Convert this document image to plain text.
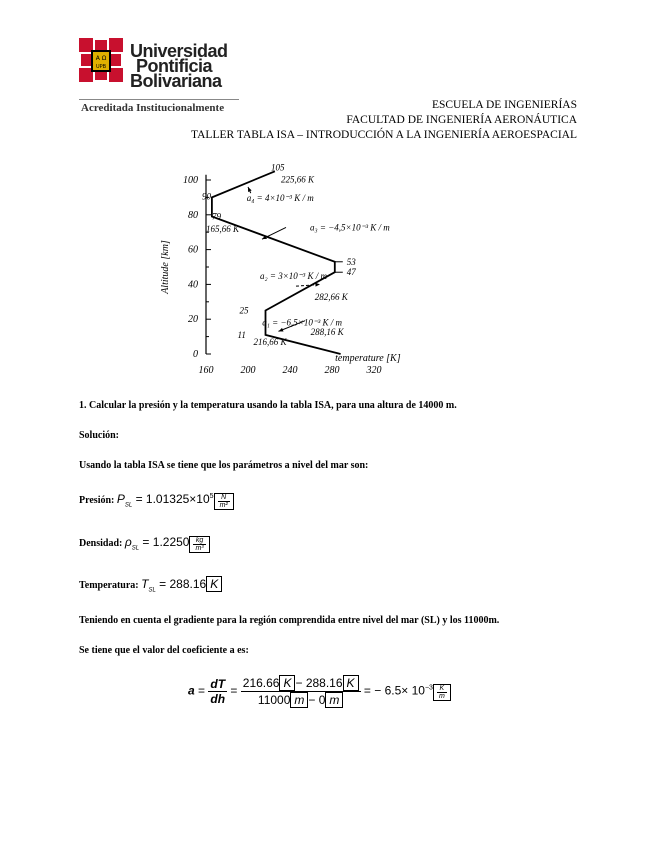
A Ω
UPB
Universidad
Pontificia
Bolivariana
Acreditada Institucionalmente	ESCUELA DE INGENIERÍAS
FACULTAD DE INGENIERÍA AERONÁUTICA
TALLER TABLA ISA – INTRODUCCIÓN A LA INGENIERÍA AEROESPACIAL
0
20
40
60
80
100
160	200	240	280	320
temperature [K]
Altitude [km]
105
225,66 K
90	a₄ = 4×10⁻³ K / m
79
165,66 K	a₃ = −4,5×10⁻³ K / m
53
47
a₂ = 3×10⁻³ K / m
282,66 K
25
a₁ = −6,5×10⁻³ K / m
11	288,16 K
216,66 K
1. Calcular la presión y la temperatura usando la tabla ISA, para una altura de 14000 m.
Solución:
Usando la tabla ISA se tiene que los parámetros a nivel del mar son:
Presión: $P_{SL} = 1.01325\times 10^5 \frac{N}{\text{m²}}$
Densidad: $\rho_{SL} = 1.2250 \frac{kg}{\text{m³}}$
Temperatura: $T_{SL} = 288.16$ K
Teniendo en cuenta el gradiente para la región comprendida entre nivel del mar (SL) y los 11000m.
Se tiene que el valor del coeficiente a es:
$a = \frac{dT}{dh} = \frac{216.66 K - 288.16 K}{11000 m - 0 m}$ = − $6.5\times 10^{-3} \frac{K}{m}$
